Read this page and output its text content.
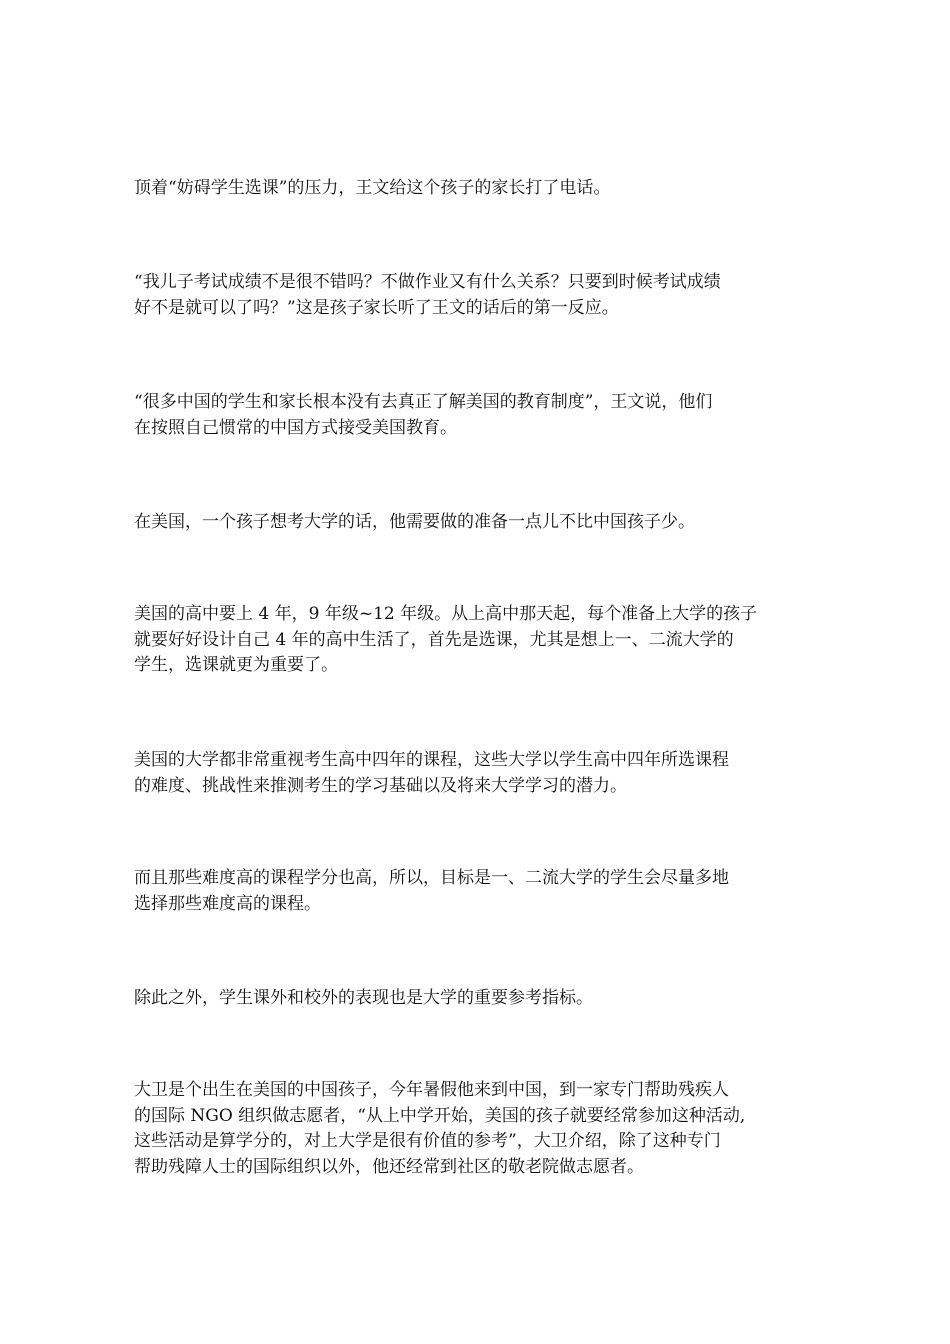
顶着“妨碍学生选课”的压力，王文给这个孩子的家长打了电话。

“我儿子考试成绩不是很不错吗？不做作业又有什么关系？只要到时候考试成绩
好不是就可以了吗？”这是孩子家长听了王文的话后的第一反应。

“很多中国的学生和家长根本没有去真正了解美国的教育制度”，王文说，他们
在按照自己惯常的中国方式接受美国教育。

在美国，一个孩子想考大学的话，他需要做的准备一点儿不比中国孩子少。

美国的高中要上 4 年，9 年级~12 年级。从上高中那天起，每个准备上大学的孩子
就要好好设计自己 4 年的高中生活了，首先是选课，尤其是想上一、二流大学的
学生，选课就更为重要了。

美国的大学都非常重视考生高中四年的课程，这些大学以学生高中四年所选课程
的难度、挑战性来推测考生的学习基础以及将来大学学习的潜力。

而且那些难度高的课程学分也高，所以，目标是一、二流大学的学生会尽量多地
选择那些难度高的课程。

除此之外，学生课外和校外的表现也是大学的重要参考指标。

大卫是个出生在美国的中国孩子，今年暑假他来到中国，到一家专门帮助残疾人
的国际 NGO 组织做志愿者，“从上中学开始，美国的孩子就要经常参加这种活动,
这些活动是算学分的，对上大学是很有价值的参考”，大卫介绍，除了这种专门
帮助残障人士的国际组织以外，他还经常到社区的敬老院做志愿者。
